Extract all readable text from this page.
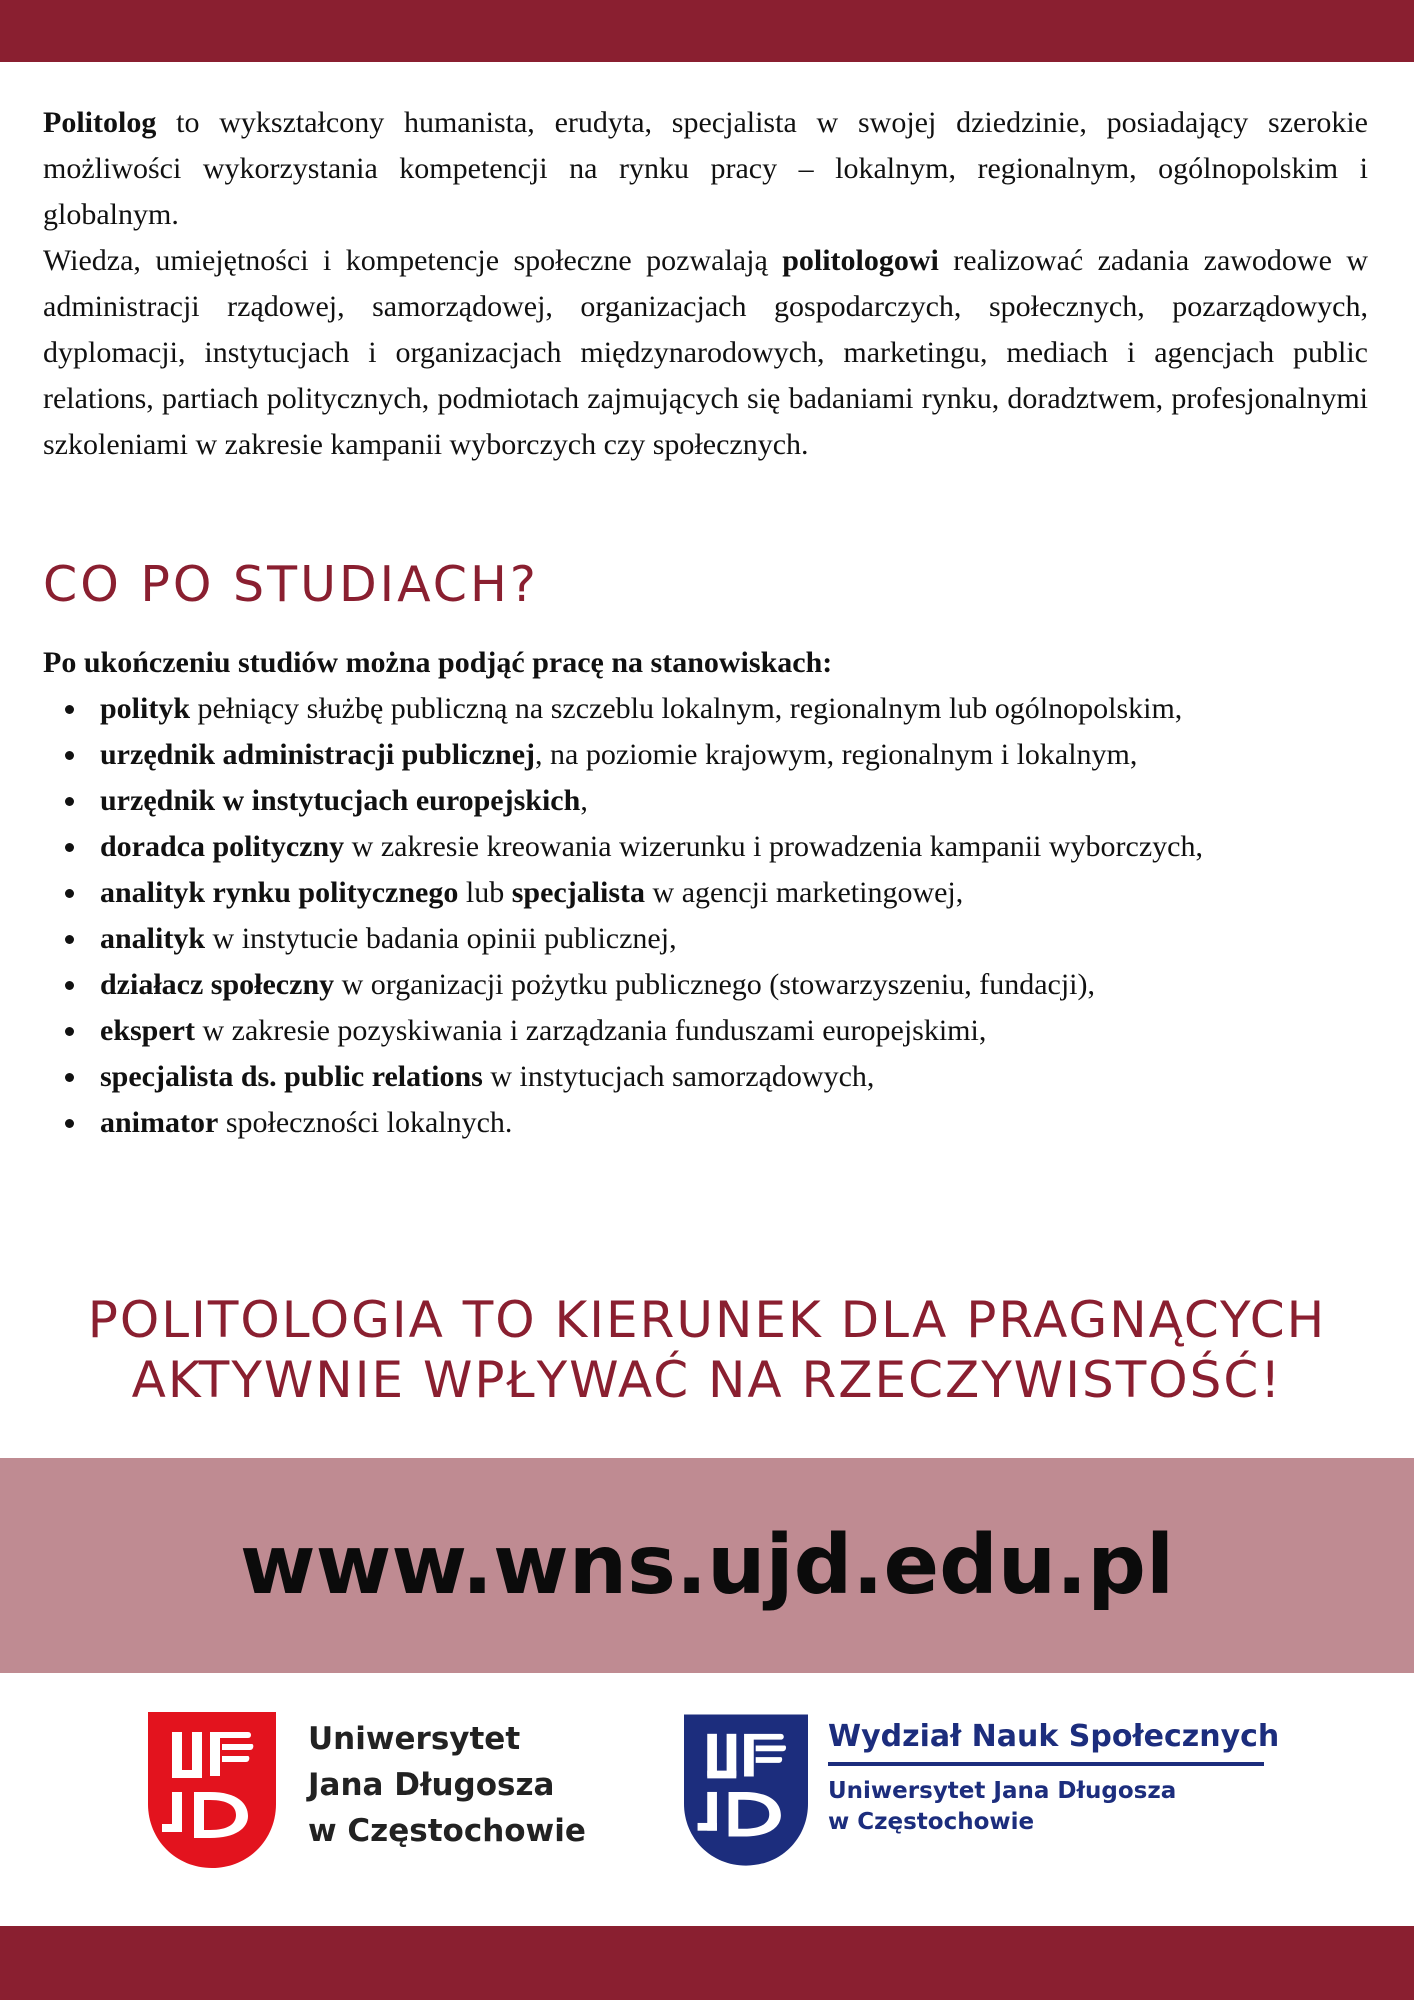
Politolog to wykształcony humanista, erudyta, specjalista w swojej dziedzinie, posiadający szerokie możliwości wykorzystania kompetencji na rynku pracy – lokalnym, regionalnym, ogólnopolskim i globalnym.

Wiedza, umiejętności i kompetencje społeczne pozwalają politologowi realizować zadania zawodowe w administracji rządowej, samorządowej, organizacjach gospodarczych, społecznych, pozarządowych, dyplomacji, instytucjach i organizacjach międzynarodowych, marketingu, mediach i agencjach public relations, partiach politycznych, podmiotach zajmujących się badaniami rynku, doradztwem, profesjonalnymi szkoleniami w zakresie kampanii wyborczych czy społecznych.

CO PO STUDIACH?
Po ukończeniu studiów można podjąć pracę na stanowiskach:
polityk pełniący służbę publiczną na szczeblu lokalnym, regionalnym lub ogólnopolskim,
urzędnik administracji publicznej, na poziomie krajowym, regionalnym i lokalnym,
urzędnik w instytucjach europejskich,
doradca polityczny w zakresie kreowania wizerunku i prowadzenia kampanii wyborczych,
analityk rynku politycznego lub specjalista w agencji marketingowej,
analityk w instytucie badania opinii publicznej,
działacz społeczny w organizacji pożytku publicznego (stowarzyszeniu, fundacji),
ekspert w zakresie pozyskiwania i zarządzania funduszami europejskimi,
specjalista ds. public relations w instytucjach samorządowych,
animator społeczności lokalnych.
POLITOLOGIA TO KIERUNEK DLA PRAGNĄCYCH
AKTYWNIE WPŁYWAĆ NA RZECZYWISTOŚĆ!
www.wns.ujd.edu.pl
Uniwersytet
Jana Długosza
w Częstochowie
Wydział Nauk Społecznych
Uniwersytet Jana Długosza
w Częstochowie
